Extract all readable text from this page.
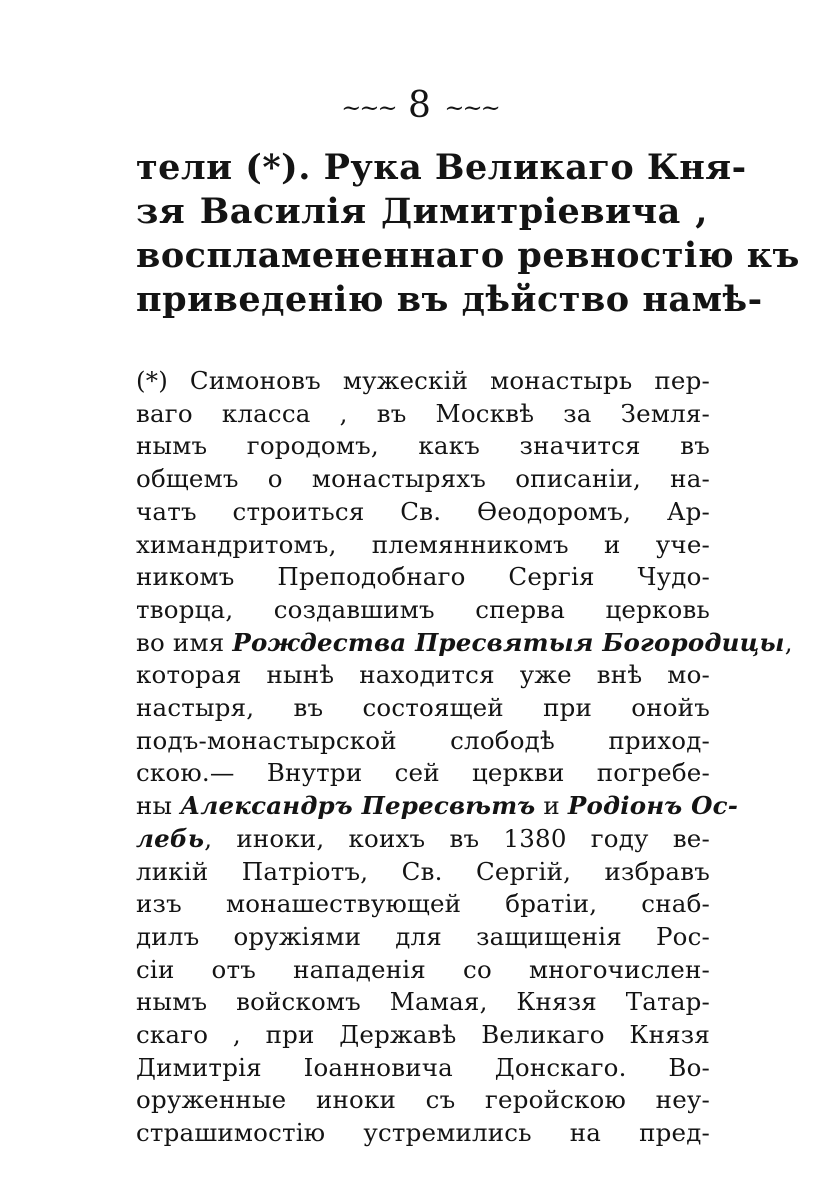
~~~ 8 ~~~
тели (*). Рука Великаго Кня-
зя Василія Димитріевича ,
воспламененнаго ревностію къ
приведенію въ дѣйство намѣ-
(*) Симоновъ мужескій монастырь пер-
ваго класса , въ Москвѣ за Земля-
нымъ городомъ, какъ значится въ
общемъ о монастыряхъ описаніи, на-
чатъ строиться Св. Ѳеодоромъ, Ар-
химандритомъ, племянникомъ и уче-
никомъ Преподобнаго Сергія Чудо-
творца, создавшимъ сперва церковь
во имя Рождества Пресвятыя Богородицы,
которая нынѣ находится уже внѣ мо-
настыря, въ состоящей при онойъ
подъ-монастырской слободѣ приход-
скою.— Внутри сей церкви погребе-
ны Александръ Пересвѣтъ и Родіонъ Ос-
лебь, иноки, коихъ въ 1380 году ве-
ликій Патріотъ, Св. Сергій, избравъ
изъ монашествующей братіи, снаб-
дилъ оружіями для защищенія Рос-
сіи отъ нападенія со многочислен-
нымъ войскомъ Мамая, Князя Татар-
скаго , при Державѣ Великаго Князя
Димитрія Іоанновича Донскаго. Во-
оруженные иноки съ геройскою неу-
страшимостію устремились на пред-
